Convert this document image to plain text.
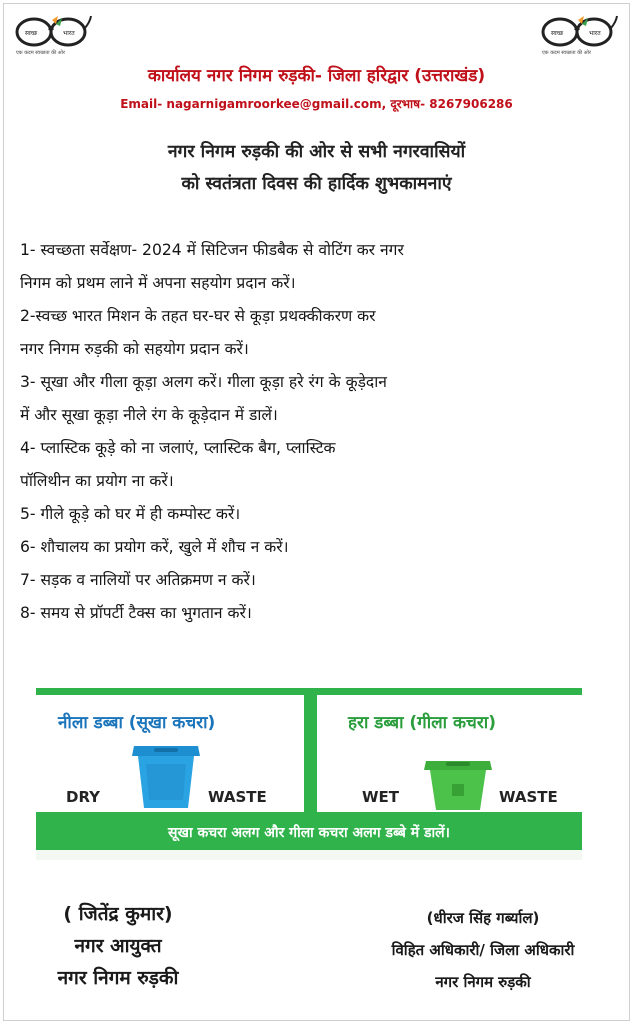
स्वच्छ	भारत
एक कदम स्वच्छता की ओर
स्वच्छ	भारत
एक कदम स्वच्छता की ओर
कार्यालय नगर निगम रुड़की- जिला हरिद्वार (उत्तराखंड)
Email- nagarnigamroorkee@gmail.com, दूरभाष- 8267906286
नगर निगम रुड़की की ओर से सभी नगरवासियों
को स्वतंत्रता दिवस की हार्दिक शुभकामनाएं
1- स्वच्छता सर्वेक्षण- 2024 में सिटिजन फीडबैक से वोटिंग कर नगर
निगम को प्रथम लाने में अपना सहयोग प्रदान करें।
2-स्वच्छ भारत मिशन के तहत घर-घर से कूड़ा प्रथक्कीकरण कर
नगर निगम रुड़की को सहयोग प्रदान करें।
3- सूखा और गीला कूड़ा अलग करें। गीला कूड़ा हरे रंग के कूड़ेदान
में और सूखा कूड़ा नीले रंग के कूड़ेदान में डालें।
4- प्लास्टिक कूड़े को ना जलाएं, प्लास्टिक बैग, प्लास्टिक
पॉलिथीन का प्रयोग ना करें।
5- गीले कूड़े को घर में ही कम्पोस्ट करें।
6- शौचालय का प्रयोग करें, खुले में शौच न करें।
7- सड़क व नालियों पर अतिक्रमण न करें।
8- समय से प्रॉपर्टी टैक्स का भुगतान करें।
नीला डब्बा (सूखा कचरा)	हरा डब्बा (गीला कचरा)
DRY	WASTE	WET	WASTE
सूखा कचरा अलग और गीला कचरा अलग डब्बे में डालें।
( जितेंद्र कुमार)
नगर आयुक्त
नगर निगम रुड़की
(धीरज सिंह गर्ब्याल)
विहित अधिकारी/ जिला अधिकारी
नगर निगम रुड़की
